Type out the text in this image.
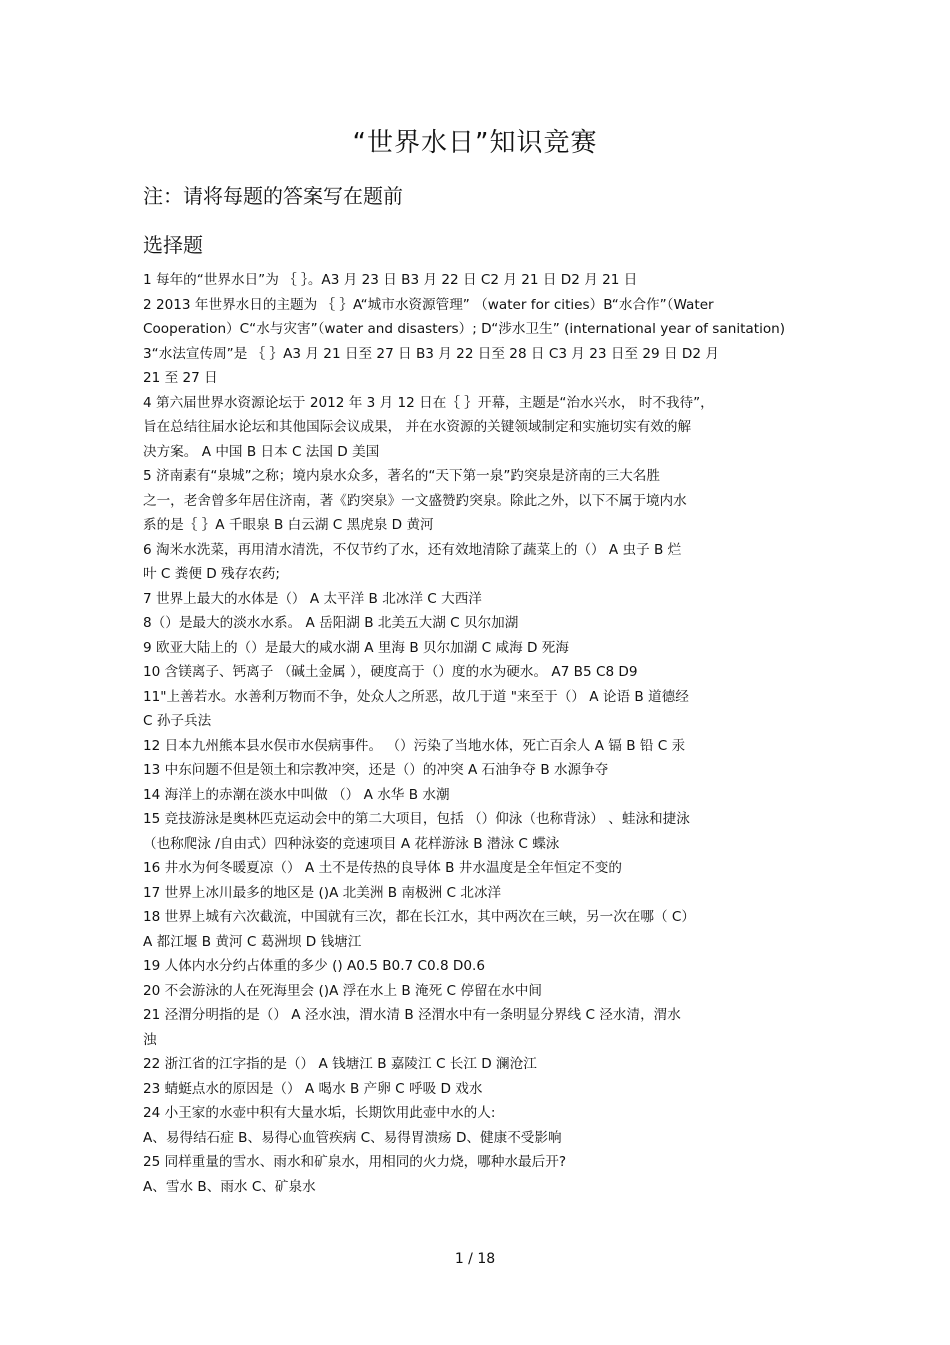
“世界水日”知识竞赛
注：请将每题的答案写在题前
选择题
1 每年的“世界水日”为 ｛ ｝。A3 月 23 日 B3 月 22 日 C2 月 21 日 D2 月 21 日
2 2013 年世界水日的主题为 ｛ ｝A“城市水资源管理” （water for cities）B“水合作”（Water
Cooperation）C“水与灾害”（water and disasters）; D“涉水卫生” (international year of sanitation)
3“水法宣传周”是 ｛ ｝A3 月 21 日至 27 日 B3 月 22 日至 28 日 C3 月 23 日至 29 日 D2 月
21 至 27 日
4 第六届世界水资源论坛于 2012 年 3 月 12 日在｛ ｝开幕，主题是“治水兴水， 时不我待”，
旨在总结往届水论坛和其他国际会议成果， 并在水资源的关键领域制定和实施切实有效的解
决方案。 A 中国 B 日本 C 法国 D 美国
5 济南素有“泉城”之称；境内泉水众多，著名的“天下第一泉”趵突泉是济南的三大名胜
之一，老舍曾多年居住济南，著《趵突泉》一文盛赞趵突泉。除此之外，以下不属于境内水
系的是｛ ｝A 千眼泉 B 白云湖 C 黑虎泉 D 黄河
6 淘米水洗菜，再用清水清洗，不仅节约了水，还有效地清除了蔬菜上的（） A 虫子 B 烂
叶 C 粪便 D 残存农药;
7 世界上最大的水体是（） A 太平洋 B 北冰洋 C 大西洋
8（）是最大的淡水水系。 A 岳阳湖 B 北美五大湖 C 贝尔加湖
9 欧亚大陆上的（）是最大的咸水湖 A 里海 B 贝尔加湖 C 咸海 D 死海
10 含镁离子、钙离子 （碱土金属 ），硬度高于（）度的水为硬水。 A7 B5 C8 D9
11"上善若水。水善利万物而不争，处众人之所恶，故几于道 "来至于（） A 论语 B 道德经
C 孙子兵法
12 日本九州熊本县水俣市水俣病事件。 （）污染了当地水体，死亡百余人 A 镉 B 铅 C 汞
13 中东问题不但是领土和宗教冲突，还是（）的冲突 A 石油争夺 B 水源争夺
14 海洋上的赤潮在淡水中叫做 （） A 水华 B 水潮
15 竞技游泳是奥林匹克运动会中的第二大项目，包括 （）仰泳（也称背泳） 、蛙泳和捷泳
（也称爬泳 /自由式）四种泳姿的竞速项目 A 花样游泳 B 潜泳 C 蝶泳
16 井水为何冬暖夏凉（） A 土不是传热的良导体 B 井水温度是全年恒定不变的
17 世界上冰川最多的地区是 ()A 北美洲 B 南极洲 C 北冰洋
18 世界上城有六次截流，中国就有三次，都在长江水，其中两次在三峡，另一次在哪（ C）
A 都江堰 B 黄河 C 葛洲坝 D 钱塘江
19 人体内水分约占体重的多少 () A0.5 B0.7 C0.8 D0.6
20 不会游泳的人在死海里会 ()A 浮在水上 B 淹死 C 停留在水中间
21 泾渭分明指的是（） A 泾水浊，渭水清 B 泾渭水中有一条明显分界线 C 泾水清，渭水
浊
22 浙江省的江字指的是（） A 钱塘江 B 嘉陵江 C 长江 D 澜沧江
23 蜻蜓点水的原因是（） A 喝水 B 产卵 C 呼吸 D 戏水
24 小王家的水壶中积有大量水垢，长期饮用此壶中水的人:
A、易得结石症 B、易得心血管疾病 C、易得胃溃疡 D、健康不受影响
25 同样重量的雪水、雨水和矿泉水，用相同的火力烧，哪种水最后开?
A、雪水 B、雨水 C、矿泉水
1 / 18
